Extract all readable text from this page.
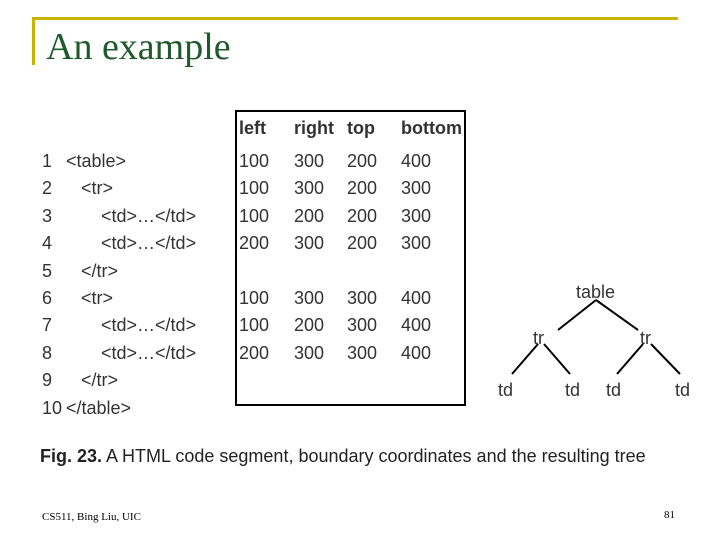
An example
1 <table>
2   <tr>
3       <td>…</td>
4       <td>…</td>
5   </tr>
6   <tr>
7       <td>…</td>
8       <td>…</td>
9   </tr>
10 </table>
left right top bottom
100 300 200 400
100 300 200 300
100 200 200 300
200 300 200 300
100 300 300 400
100 200 300 400
200 300 300 400
table
tr	tr
td	td td	td
Fig. 23. A HTML code segment, boundary coordinates and the resulting tree
CS511, Bing Liu, UIC	81
